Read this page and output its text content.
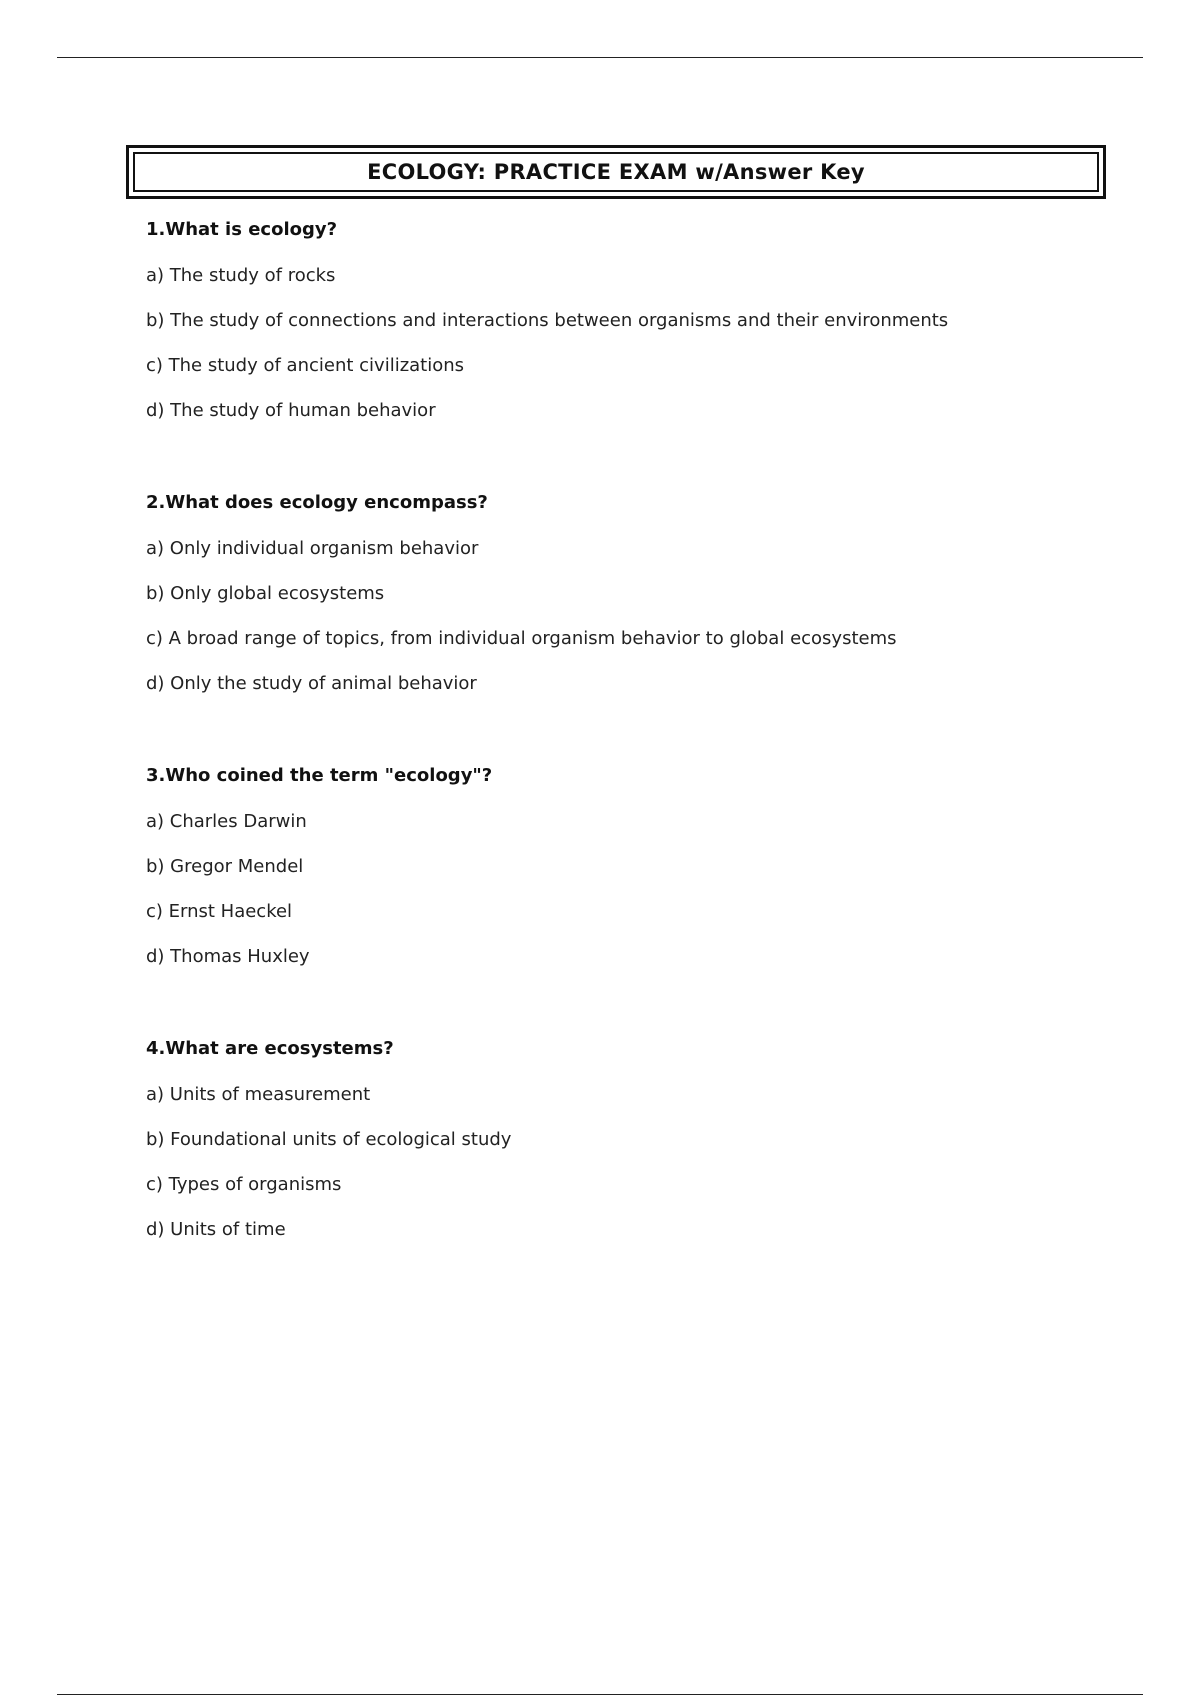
ECOLOGY: PRACTICE EXAM w/Answer Key
1.What is ecology?
a) The study of rocks
b) The study of connections and interactions between organisms and their environments
c) The study of ancient civilizations
d) The study of human behavior
2.What does ecology encompass?
a) Only individual organism behavior
b) Only global ecosystems
c) A broad range of topics, from individual organism behavior to global ecosystems
d) Only the study of animal behavior
3.Who coined the term "ecology"?
a) Charles Darwin
b) Gregor Mendel
c) Ernst Haeckel
d) Thomas Huxley
4.What are ecosystems?
a) Units of measurement
b) Foundational units of ecological study
c) Types of organisms
d) Units of time
